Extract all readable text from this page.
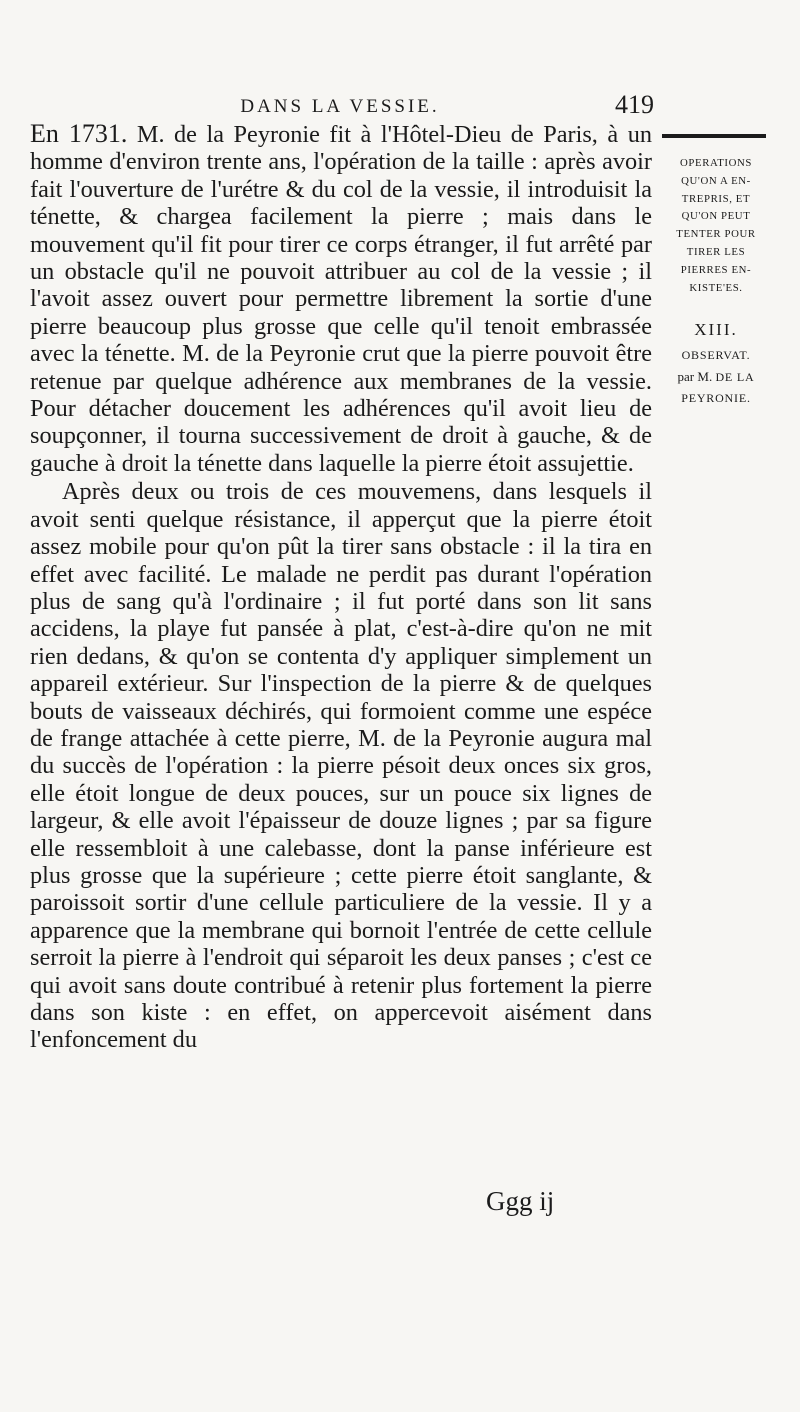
DANS LA VESSIE.	419

En 1731. M. de la Peyronie fit à l'Hôtel-Dieu de Paris, à un homme d'environ trente ans, l'opération de la taille : après avoir fait l'ouverture de l'urétre & du col de la vessie, il introduisit la ténette, & chargea facilement la pierre ; mais dans le mouvement qu'il fit pour tirer ce corps étranger, il fut arrêté par un obstacle qu'il ne pouvoit attribuer au col de la vessie ; il l'avoit assez ouvert pour permettre librement la sortie d'une pierre beaucoup plus grosse que celle qu'il tenoit embrassée avec la ténette. M. de la Peyronie crut que la pierre pouvoit être retenue par quelque adhérence aux membranes de la vessie. Pour détacher doucement les adhérences qu'il avoit lieu de soupçonner, il tourna successivement de droit à gauche, & de gauche à droit la ténette dans laquelle la pierre étoit assujettie.

Après deux ou trois de ces mouvemens, dans lesquels il avoit senti quelque résistance, il apperçut que la pierre étoit assez mobile pour qu'on pût la tirer sans obstacle : il la tira en effet avec facilité. Le malade ne perdit pas durant l'opération plus de sang qu'à l'ordinaire ; il fut porté dans son lit sans accidens, la playe fut pansée à plat, c'est-à-dire qu'on ne mit rien dedans, & qu'on se contenta d'y appliquer simplement un appareil extérieur. Sur l'inspection de la pierre & de quelques bouts de vaisseaux déchirés, qui formoient comme une espéce de frange attachée à cette pierre, M. de la Peyronie augura mal du succès de l'opération : la pierre pésoit deux onces six gros, elle étoit longue de deux pouces, sur un pouce six lignes de largeur, & elle avoit l'épaisseur de douze lignes ; par sa figure elle ressembloit à une calebasse, dont la panse inférieure est plus grosse que la supérieure ; cette pierre étoit sanglante, & paroissoit sortir d'une cellule particuliere de la vessie. Il y a apparence que la membrane qui bornoit l'entrée de cette cellule serroit la pierre à l'endroit qui séparoit les deux panses ; c'est ce qui avoit sans doute contribué à retenir plus fortement la pierre dans son kiste : en effet, on appercevoit aisément dans l'enfoncement du

OPERATIONS
QU'ON A EN-
TREPRIS, ET
QU'ON PEUT
TENTER POUR
TIRER LES
PIERRES EN-
KISTE'ES.
XIII.
OBSERVAT.
par M. DE LA
PEYRONIE.
Ggg ij
